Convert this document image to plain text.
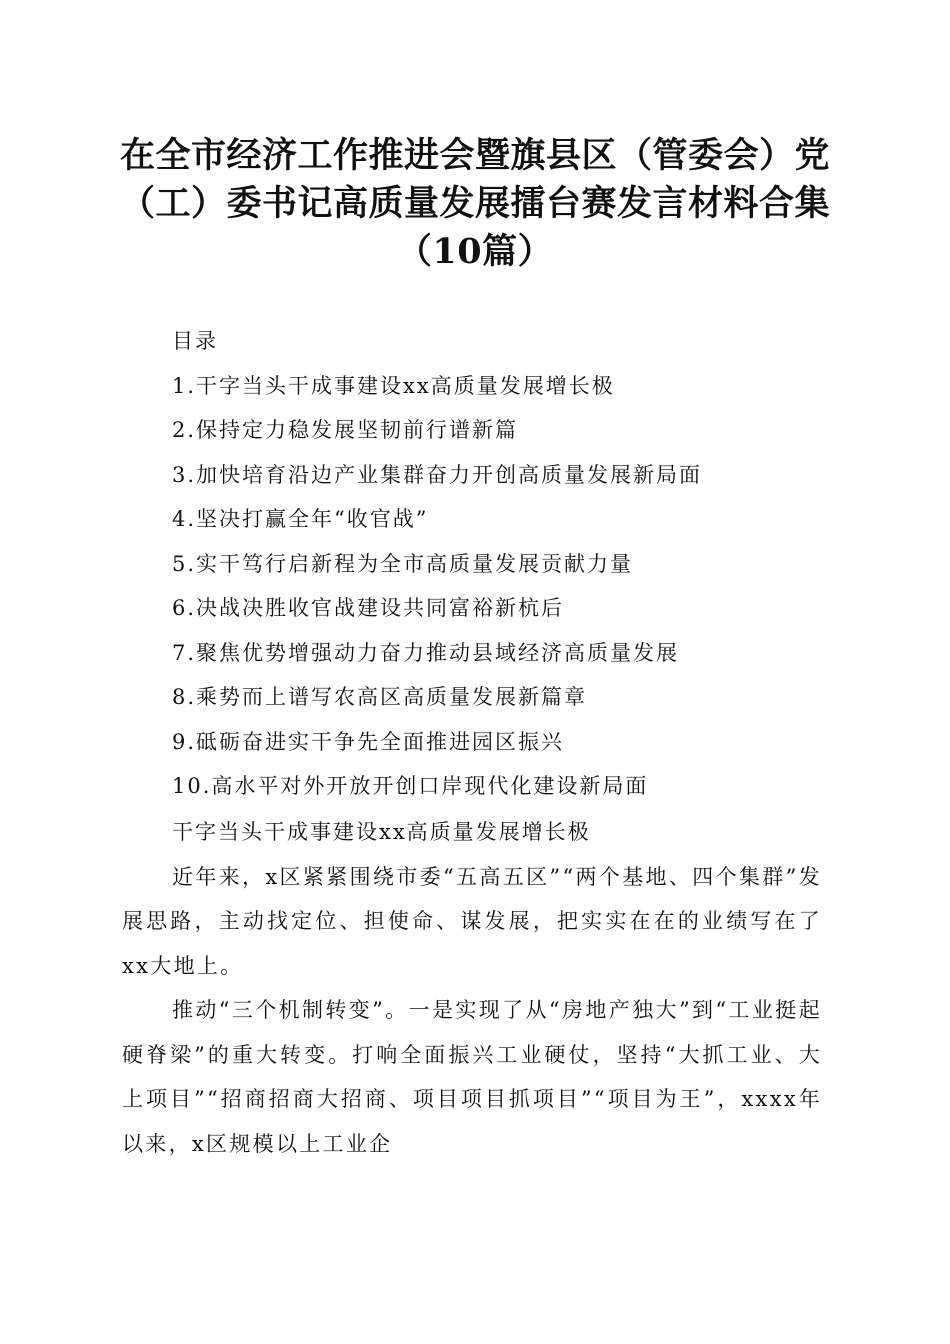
在全市经济工作推进会暨旗县区（管委会）党
（工）委书记高质量发展擂台赛发言材料合集
（10篇）
目录
1.干字当头干成事建设xx高质量发展增长极
2.保持定力稳发展坚韧前行谱新篇
3.加快培育沿边产业集群奋力开创高质量发展新局面
4.坚决打赢全年“收官战”
5.实干笃行启新程为全市高质量发展贡献力量
6.决战决胜收官战建设共同富裕新杭后
7.聚焦优势增强动力奋力推动县域经济高质量发展
8.乘势而上谱写农高区高质量发展新篇章
9.砥砺奋进实干争先全面推进园区振兴
10.高水平对外开放开创口岸现代化建设新局面

干字当头干成事建设xx高质量发展增长极

近年来，x区紧紧围绕市委“五高五区”“两个基地、四个集群”发展思路，主动找定位、担使命、谋发展，把实实在在的业绩写在了xx大地上。

推动“三个机制转变”。一是实现了从“房地产独大”到“工业挺起硬脊梁”的重大转变。打响全面振兴工业硬仗，坚持“大抓工业、大上项目”“招商招商大招商、项目项目抓项目”“项目为王”，xxxx年以来，x区规模以上工业企
